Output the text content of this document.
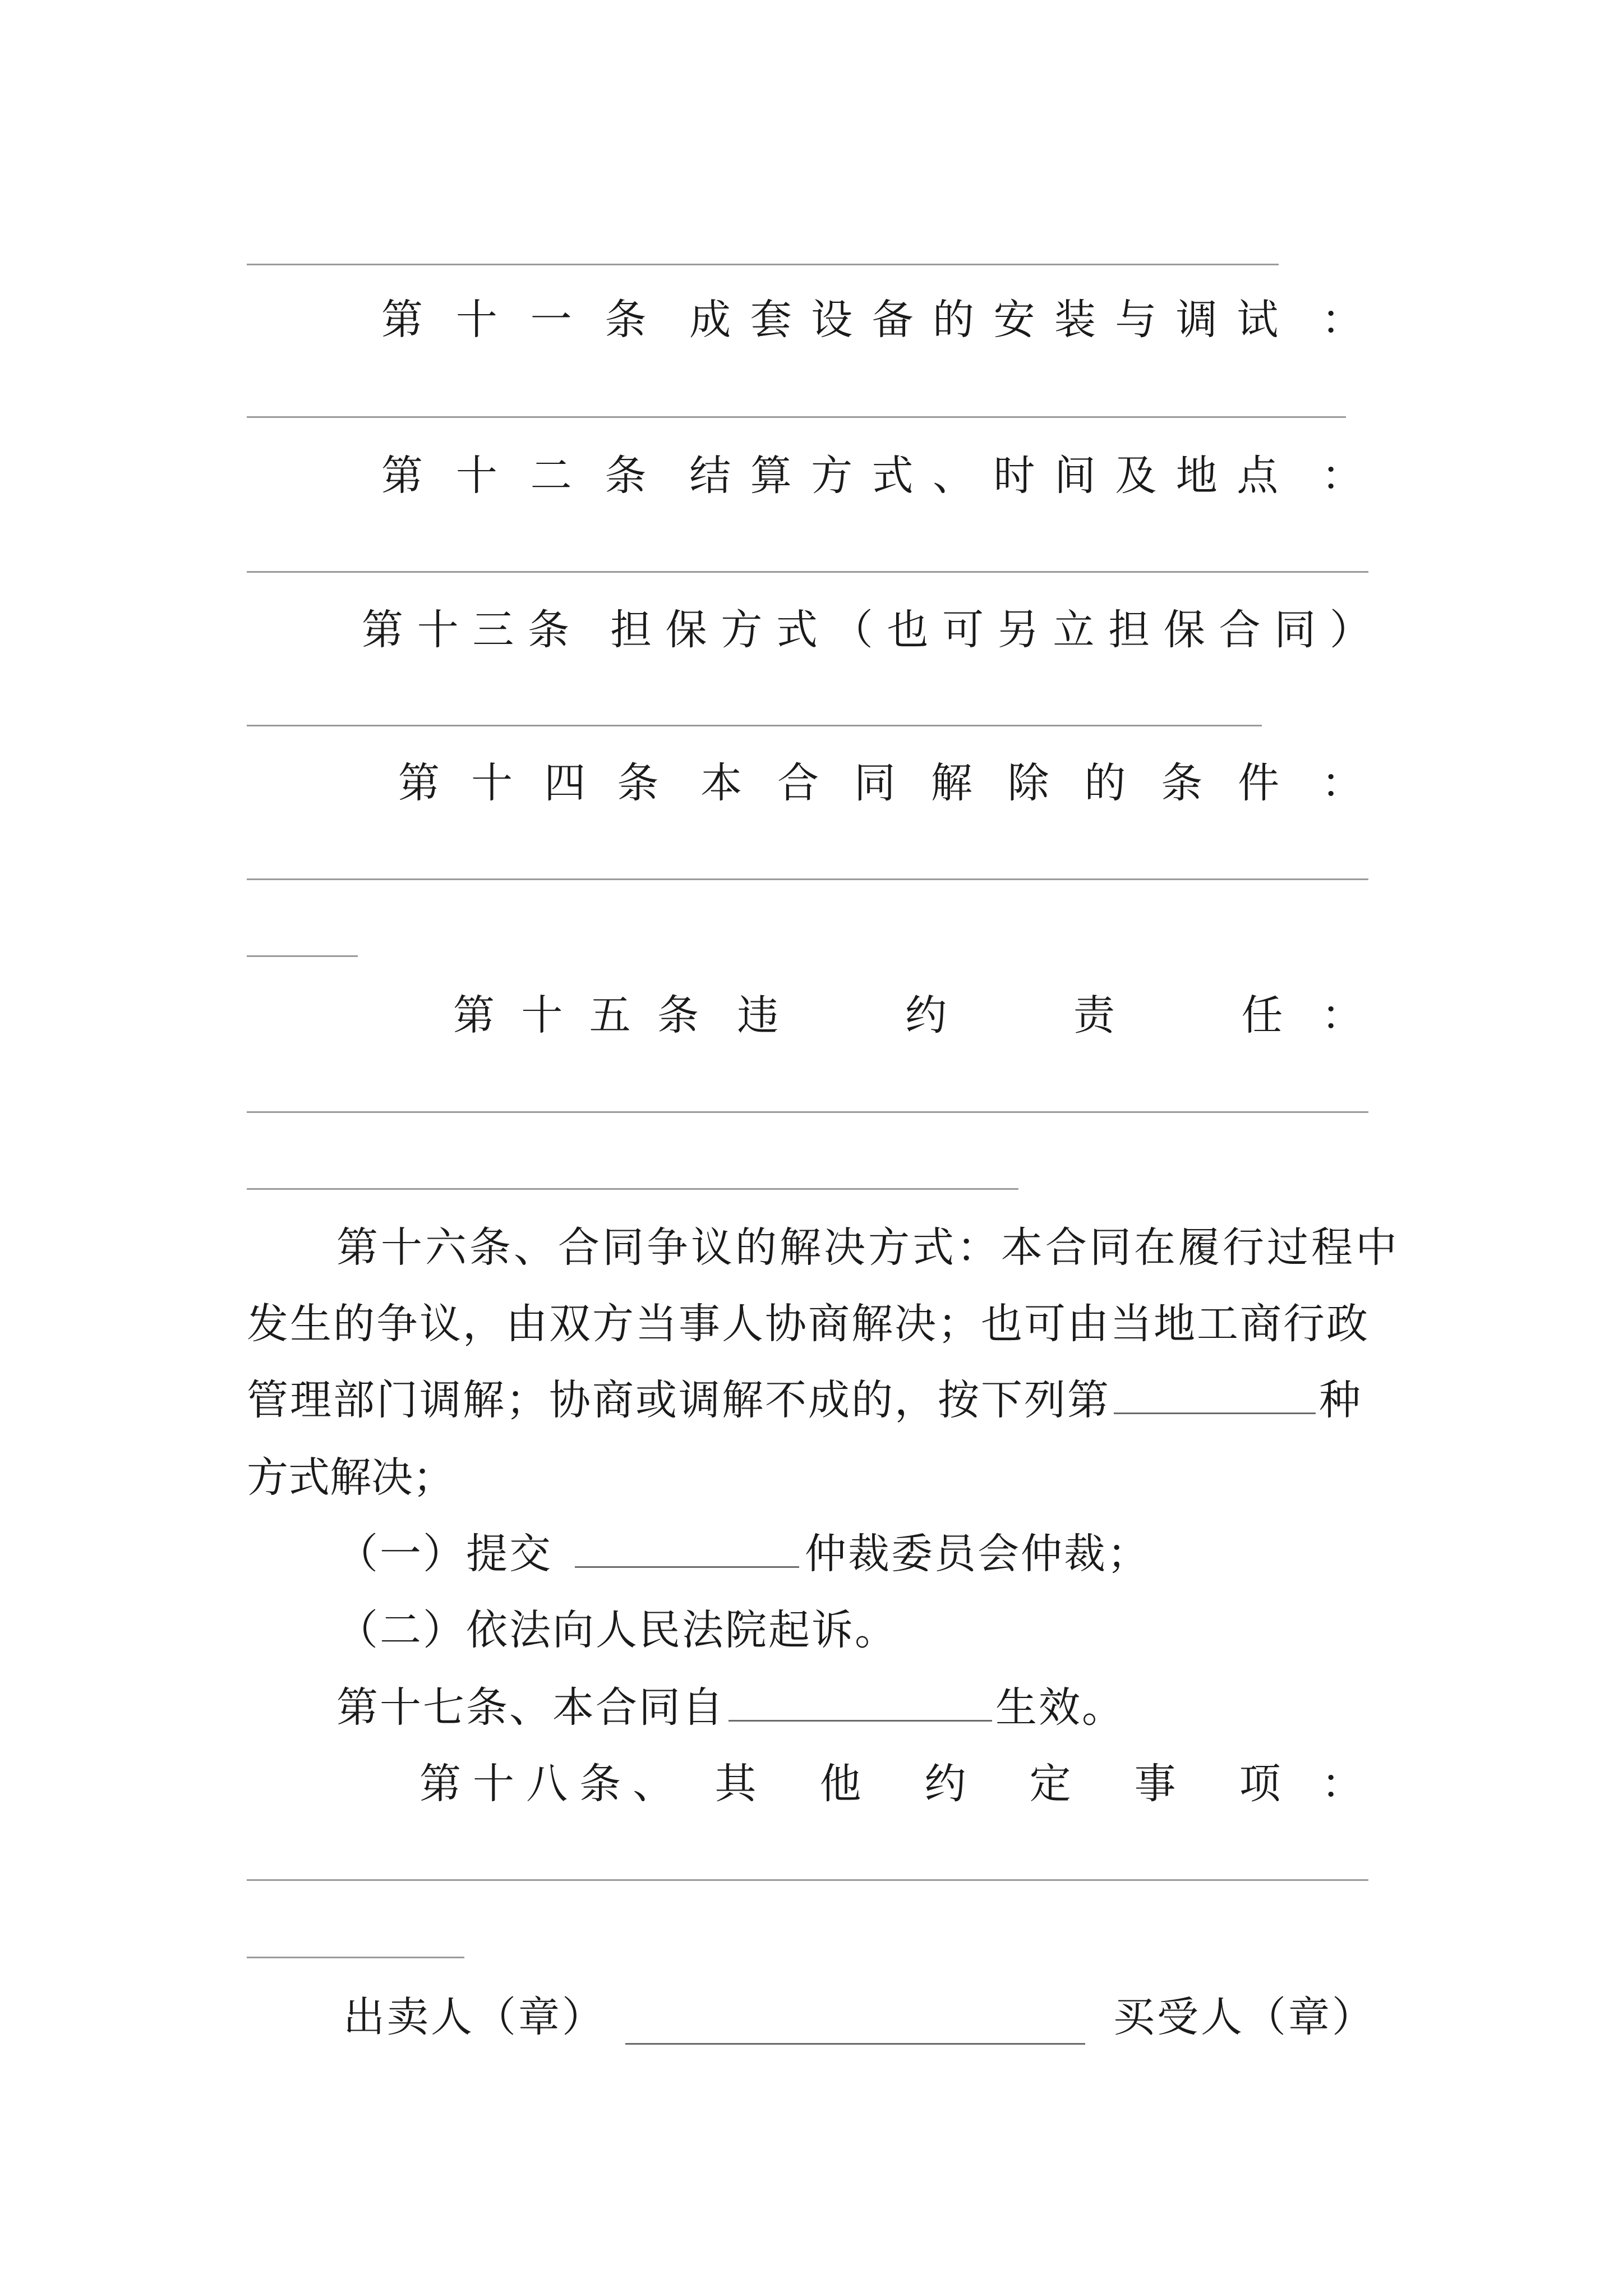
第 十 一 条 成 套 设 备 的 安 装 与 调 试 ：
第 十 二 条 结 算 方 式 、 时 间 及 地 点 ：
第 十 三 条
担 保 方 式 （ 也 可 另 立 担 保 合 同 ）
第 十 四 条 本 合 同 解 除 的 条 件 ：
第 十 五 条 违	约	责	任 ：
第十六条、合同争议的解决方式：本合同在履行过程中
发生的争议，由双方当事人协商解决；也可由当地工商行政
管理部门调解；协商或调解不成的，按下列第	种
方式解决；
（一）提交	仲裁委员会仲裁；
（二）依法向人民法院起诉。
第十七条、本合同自	生效。
第 十 八 条 、 其 他 约 定 事 项 ：
出卖人（章）	买受人（章）
